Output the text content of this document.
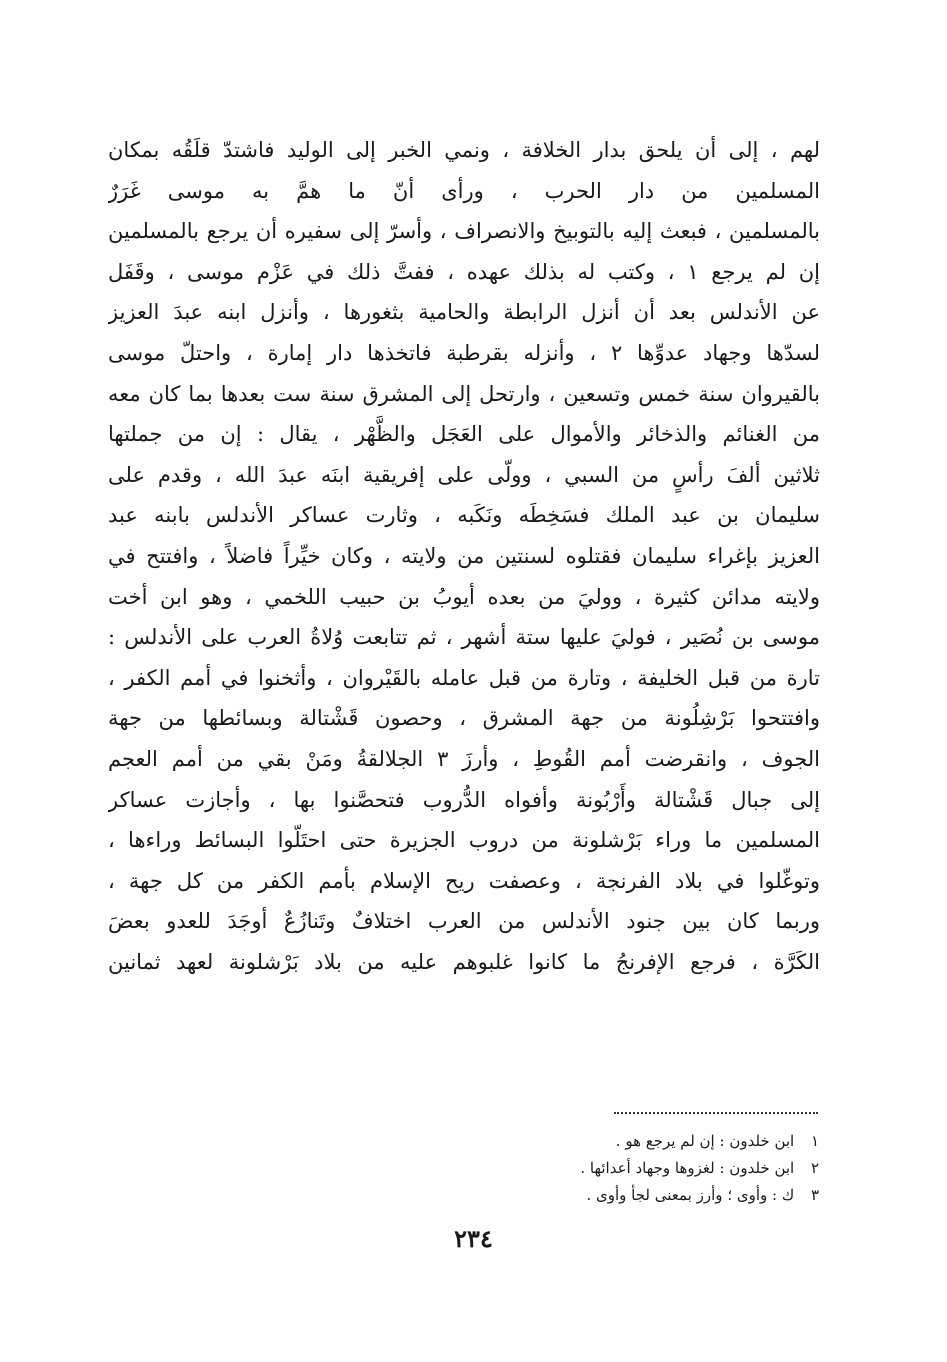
لهم ، إلى أن يلحق بدار الخلافة ، ونمي الخبر إلى الوليد فاشتدّ قلَقُه بمكان
المسلمين من دار الحرب ، ورأى أنّ ما همَّ به موسى غَرَرٌ
بالمسلمين ، فبعث إليه بالتوبيخ والانصراف ، وأسرّ إلى سفيره أن يرجع بالمسلمين
إن لم يرجع ١ ، وكتب له بذلك عهده ، ففتَّ ذلك في عَزْم موسى ، وقَفَل
عن الأندلس بعد أن أنزل الرابطة والحامية بثغورها ، وأنزل ابنه عبدَ العزيز
لسدّها وجهاد عدوِّها ٢ ، وأنزله بقرطبة فاتخذها دار إمارة ، واحتلّ موسى
بالقيروان سنة خمس وتسعين ، وارتحل إلى المشرق سنة ست بعدها بما كان معه
من الغنائم والذخائر والأموال على العَجَل والظَّهْر ، يقال : إن من جملتها
ثلاثين ألفَ رأسٍ من السبي ، وولّى على إفريقية ابنَه عبدَ الله ، وقدم على
سليمان بن عبد الملك فسَخِطَه ونَكَبه ، وثارت عساكر الأندلس بابنه عبد
العزيز بإغراء سليمان فقتلوه لسنتين من ولايته ، وكان خيِّراً فاضلاً ، وافتتح في
ولايته مدائن كثيرة ، ووليَ من بعده أيوبُ بن حبيب اللخمي ، وهو ابن أخت
موسى بن نُصَير ، فوليَ عليها ستة أشهر ، ثم تتابعت وُلاةُ العرب على الأندلس :
تارة من قبل الخليفة ، وتارة من قبل عامله بالقَيْروان ، وأثخنوا في أمم الكفر ،
وافتتحوا بَرْشِلُونة من جهة المشرق ، وحصون قَشْتالة وبسائطها من جهة
الجوف ، وانقرضت أمم القُوطِ ، وأرزَ ٣ الجلالقةُ ومَنْ بقي من أمم العجم
إلى جبال قَشْتالة وأَرْبُونة وأفواه الدُّروب فتحصَّنوا بها ، وأجازت عساكر
المسلمين ما وراء بَرْشلونة من دروب الجزيرة حتى احتَلّوا البسائط وراءها ،
وتوغّلوا في بلاد الفرنجة ، وعصفت ريح الإسلام بأمم الكفر من كل جهة ،
وربما كان بين جنود الأندلس من العرب اختلافٌ وتَنازُعٌ أوجَدَ للعدو بعضَ
الكَرَّة ، فرجع الإفرنجُ ما كانوا غلبوهم عليه من بلاد بَرْشلونة لعهد ثمانين
١ ابن خلدون : إن لم يرجع هو .
٢ ابن خلدون : لغزوها وجهاد أعدائها .
٣ ك : وأوى ؛ وأرز بمعنى لجأ وأوى .
٢٣٤
